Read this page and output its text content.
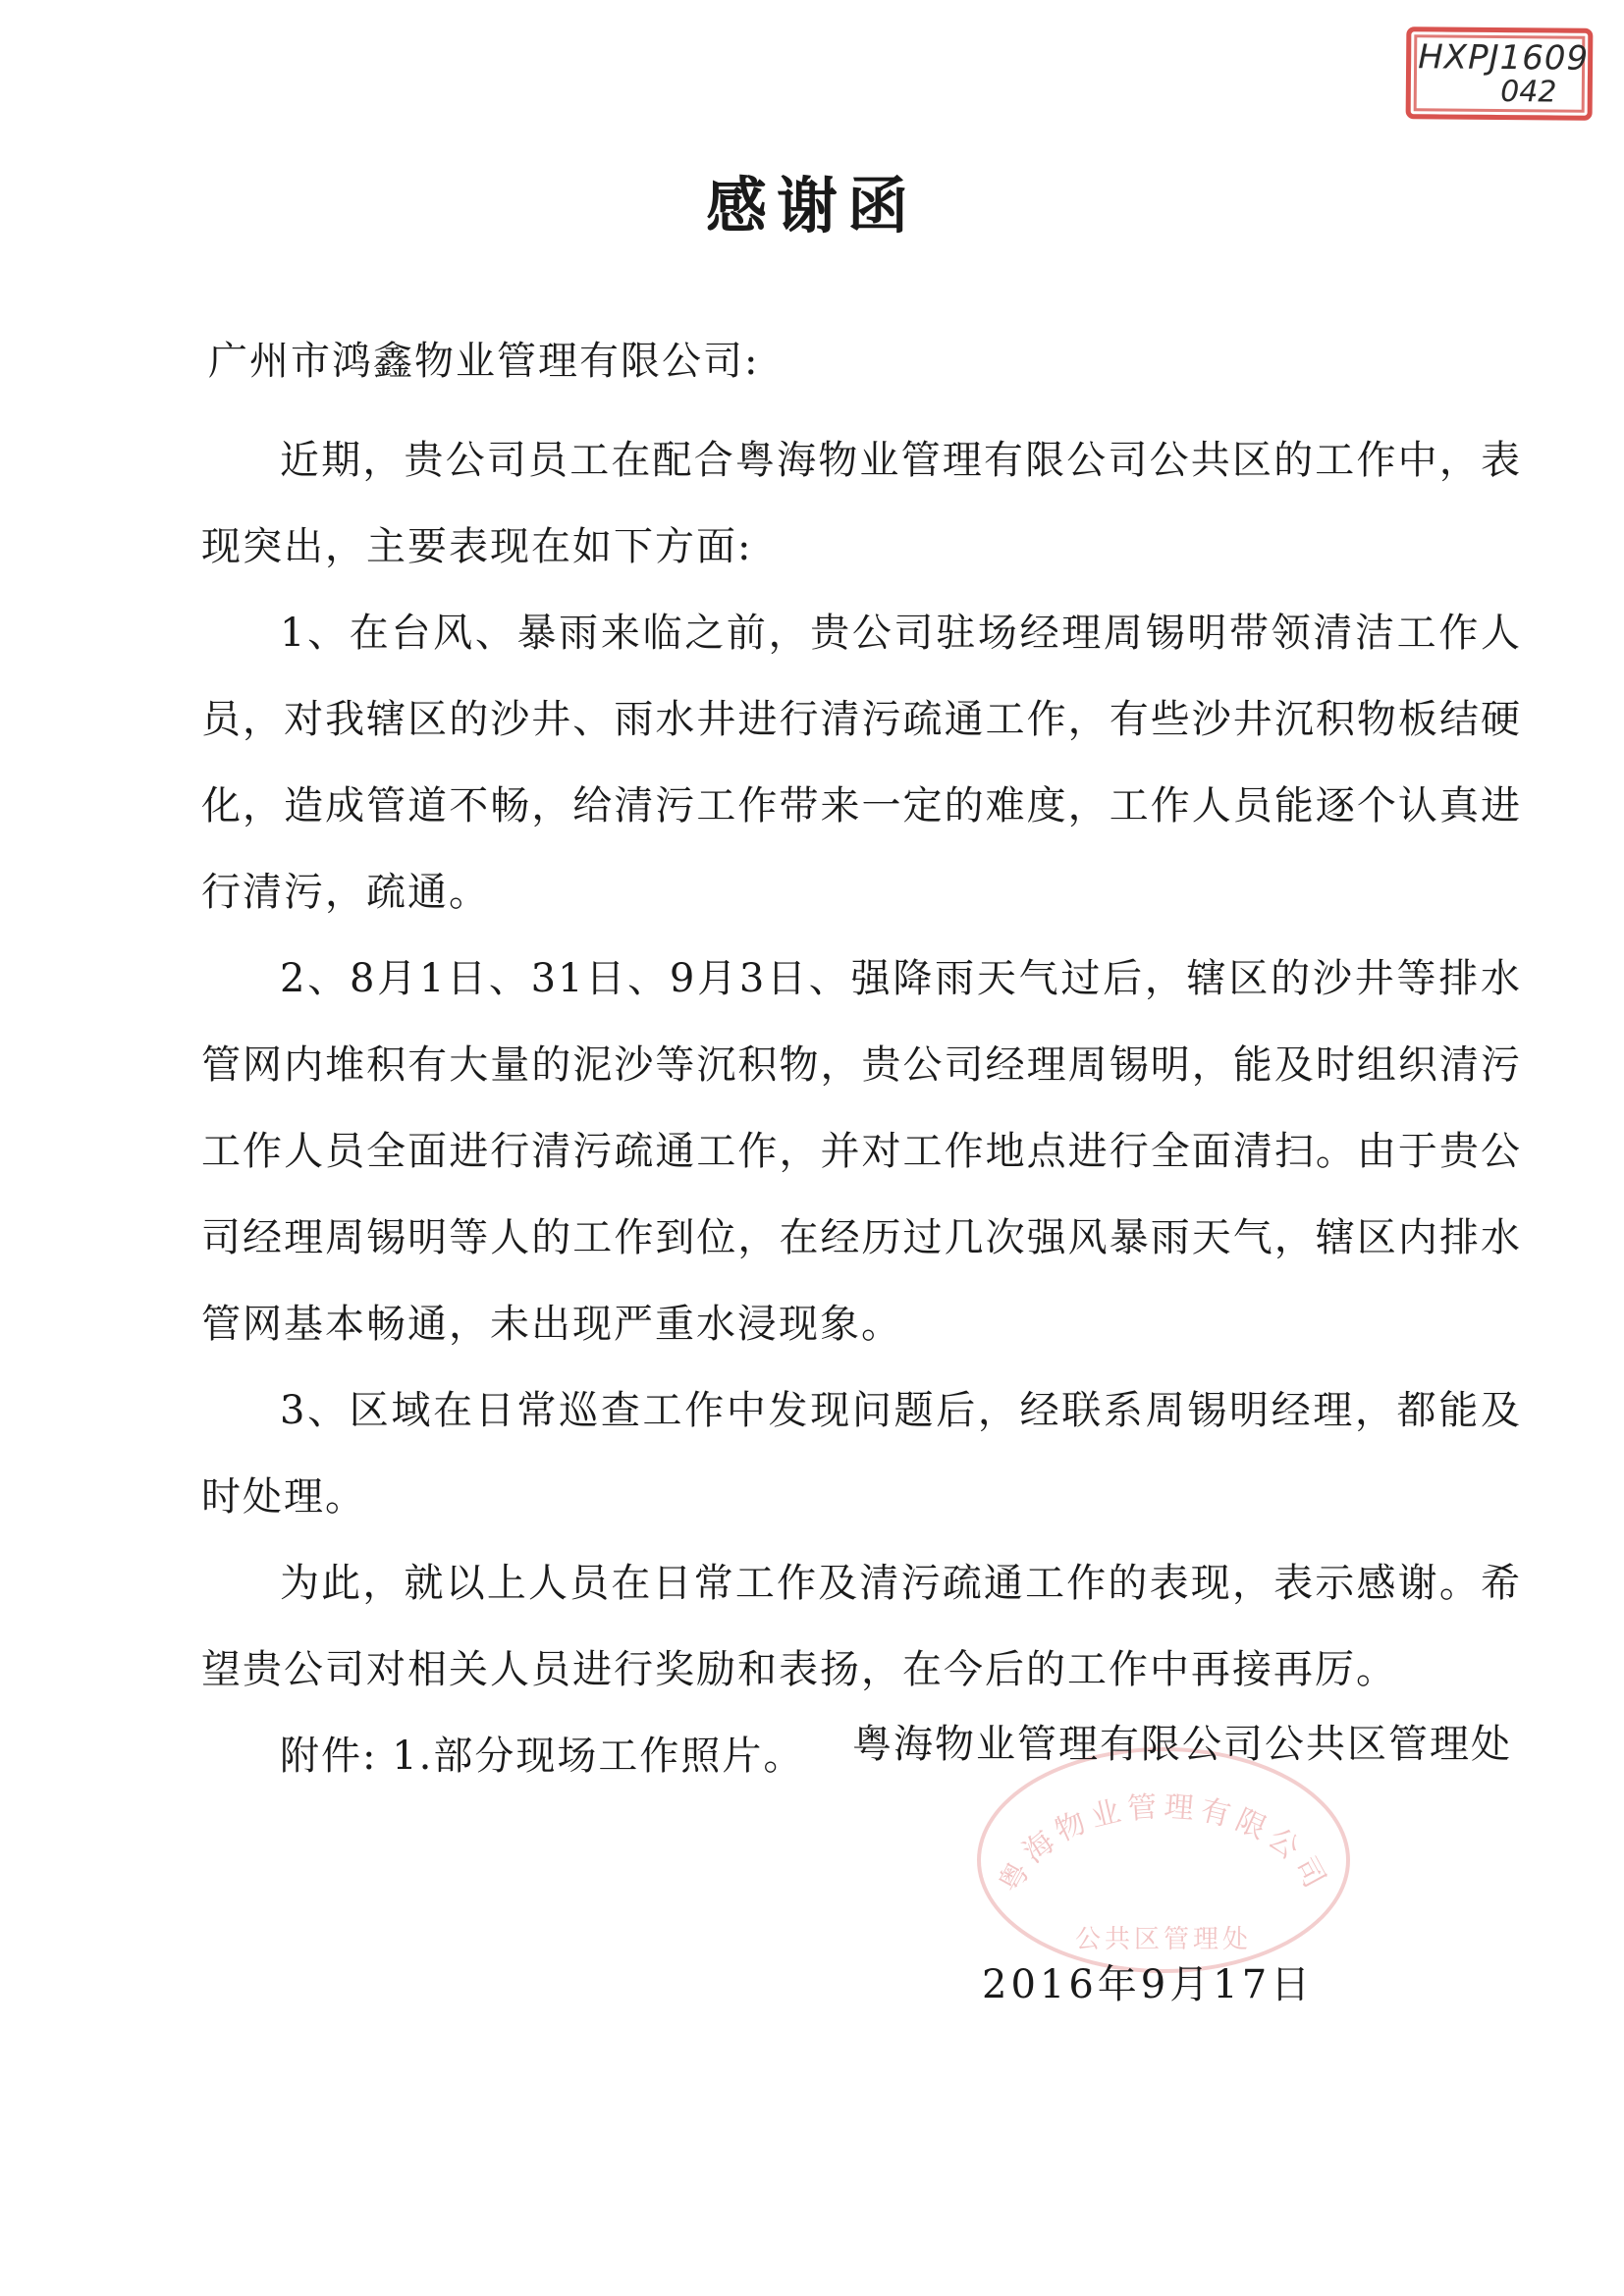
HXPJ1609
042
感谢函
广州市鸿鑫物业管理有限公司:

近期，贵公司员工在配合粤海物业管理有限公司公共区的工作中，表现突出，主要表现在如下方面:

1、在台风、暴雨来临之前，贵公司驻场经理周锡明带领清洁工作人员，对我辖区的沙井、雨水井进行清污疏通工作，有些沙井沉积物板结硬化，造成管道不畅，给清污工作带来一定的难度，工作人员能逐个认真进行清污，疏通。

2、8月1日、31日、9月3日、强降雨天气过后，辖区的沙井等排水管网内堆积有大量的泥沙等沉积物，贵公司经理周锡明，能及时组织清污工作人员全面进行清污疏通工作，并对工作地点进行全面清扫。由于贵公司经理周锡明等人的工作到位，在经历过几次强风暴雨天气，辖区内排水管网基本畅通，未出现严重水浸现象。

3、区域在日常巡查工作中发现问题后，经联系周锡明经理，都能及时处理。

为此，就以上人员在日常工作及清污疏通工作的表现，表示感谢。希望贵公司对相关人员进行奖励和表扬，在今后的工作中再接再厉。

附件: 1.部分现场工作照片。

粤海物业管理有限公司
公共区管理处
粤海物业管理有限公司公共区管理处
2016年9月17日
